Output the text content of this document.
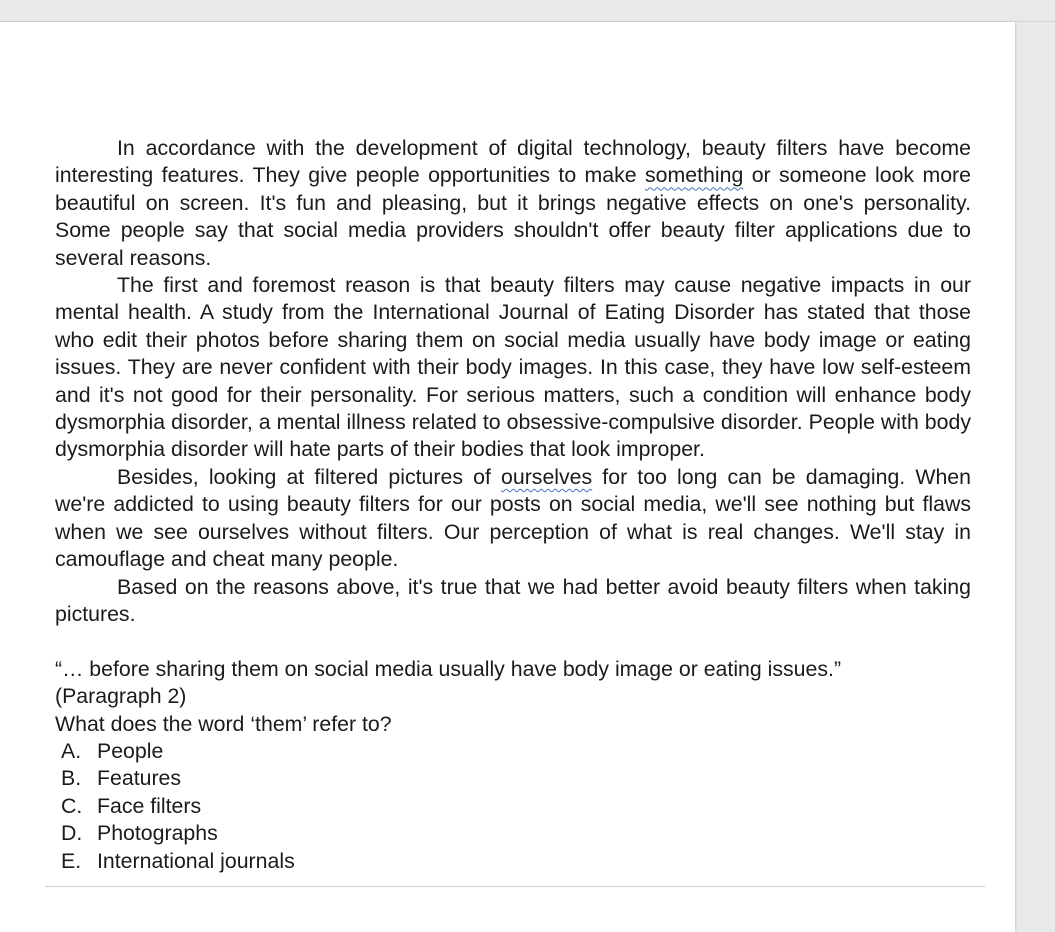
In accordance with the development of digital technology, beauty filters have become interesting features. They give people opportunities to make something or someone look more beautiful on screen. It's fun and pleasing, but it brings negative effects on one's personality. Some people say that social media providers shouldn't offer beauty filter applications due to several reasons.

The first and foremost reason is that beauty filters may cause negative impacts in our mental health. A study from the International Journal of Eating Disorder has stated that those who edit their photos before sharing them on social media usually have body image or eating issues. They are never confident with their body images. In this case, they have low self-esteem and it's not good for their personality. For serious matters, such a condition will enhance body dysmorphia disorder, a mental illness related to obsessive-compulsive disorder. People with body dysmorphia disorder will hate parts of their bodies that look improper.

Besides, looking at filtered pictures of ourselves for too long can be damaging. When we're addicted to using beauty filters for our posts on social media, we'll see nothing but flaws when we see ourselves without filters. Our perception of what is real changes. We'll stay in camouflage and cheat many people.

Based on the reasons above, it's true that we had better avoid beauty filters when taking pictures.

“… before sharing them on social media usually have body image or eating issues.”

(Paragraph 2)

What does the word ‘them’ refer to?

A. People
B. Features
C. Face filters
D. Photographs
E. International journals
